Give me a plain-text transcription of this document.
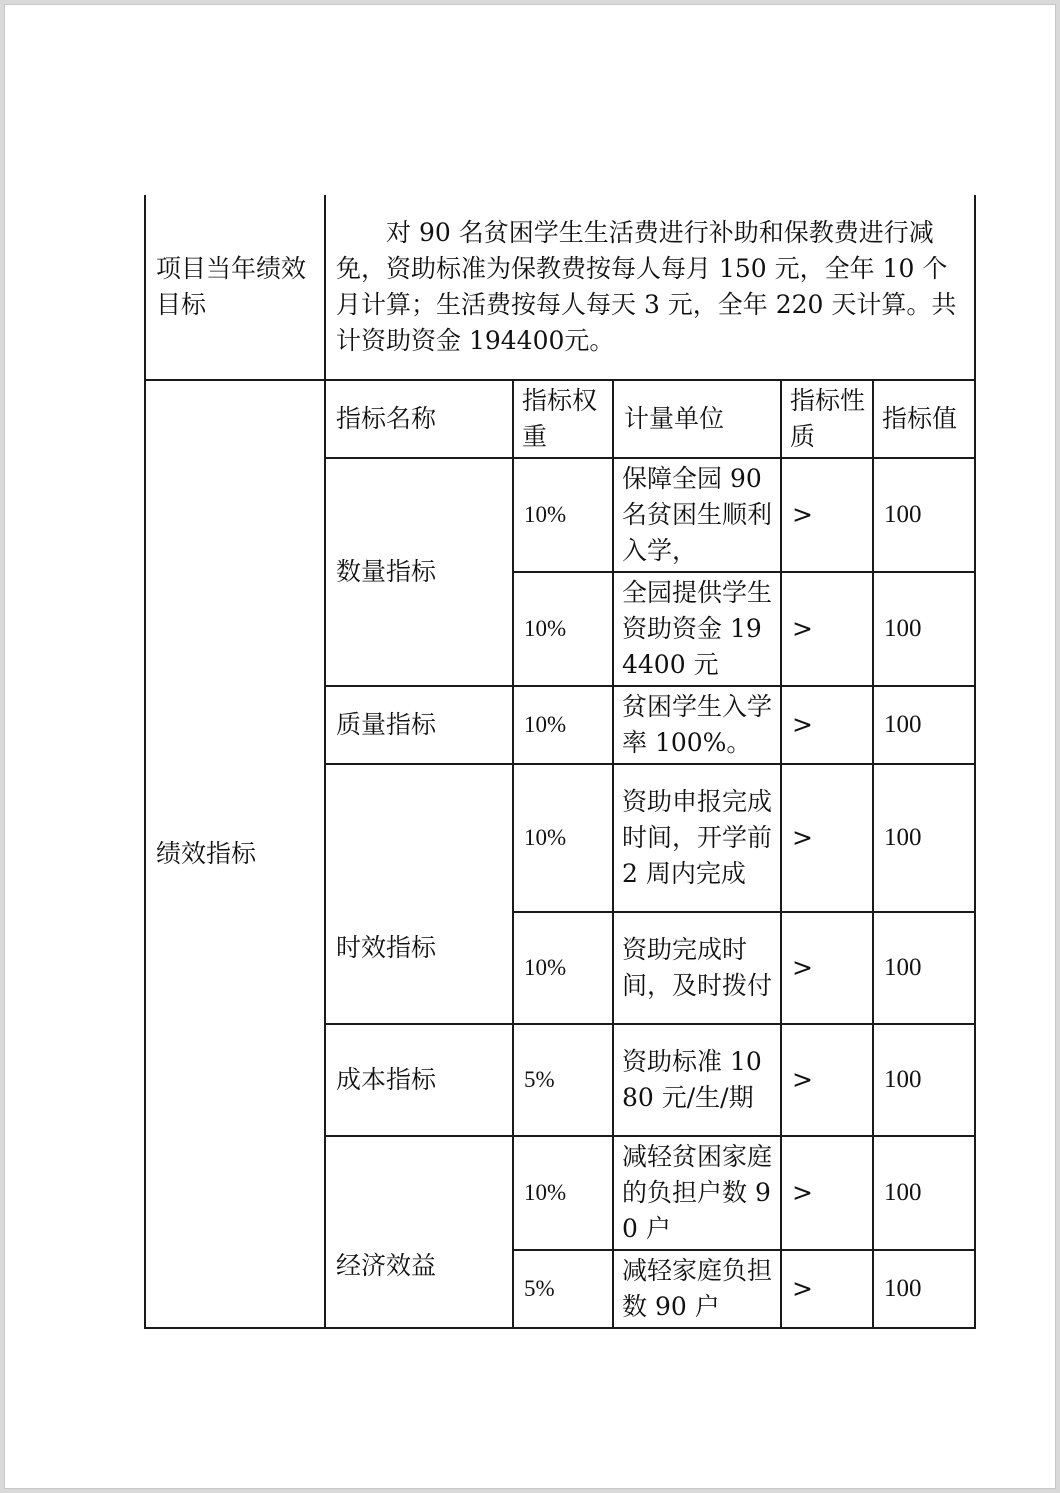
项目当年绩效目标	对 90 名贫困学生生活费进行补助和保教费进行减免，资助标准为保教费按每人每月 150 元，全年 10 个月计算；生活费按每人每天 3 元，全年 220 天计算。共计资助资金 194400元。				
绩效指标	指标名称	指标权重	计量单位	指标性质	指标值
	数量指标	10%	保障全园 90 名贫困生顺利入学，	>	100
		10%	全园提供学生资助资金 194400 元	>	100
	质量指标	10%	贫困学生入学率 100%。	>	100
	时效指标	10%	资助申报完成时间，开学前 2 周内完成	>	100
		10%	资助完成时间，及时拨付	>	100
	成本指标	5%	资助标准 1080 元/生/期	>	100
	经济效益	10%	减轻贫困家庭的负担户数 90 户	>	100
		5%	减轻家庭负担数 90 户	>	100
